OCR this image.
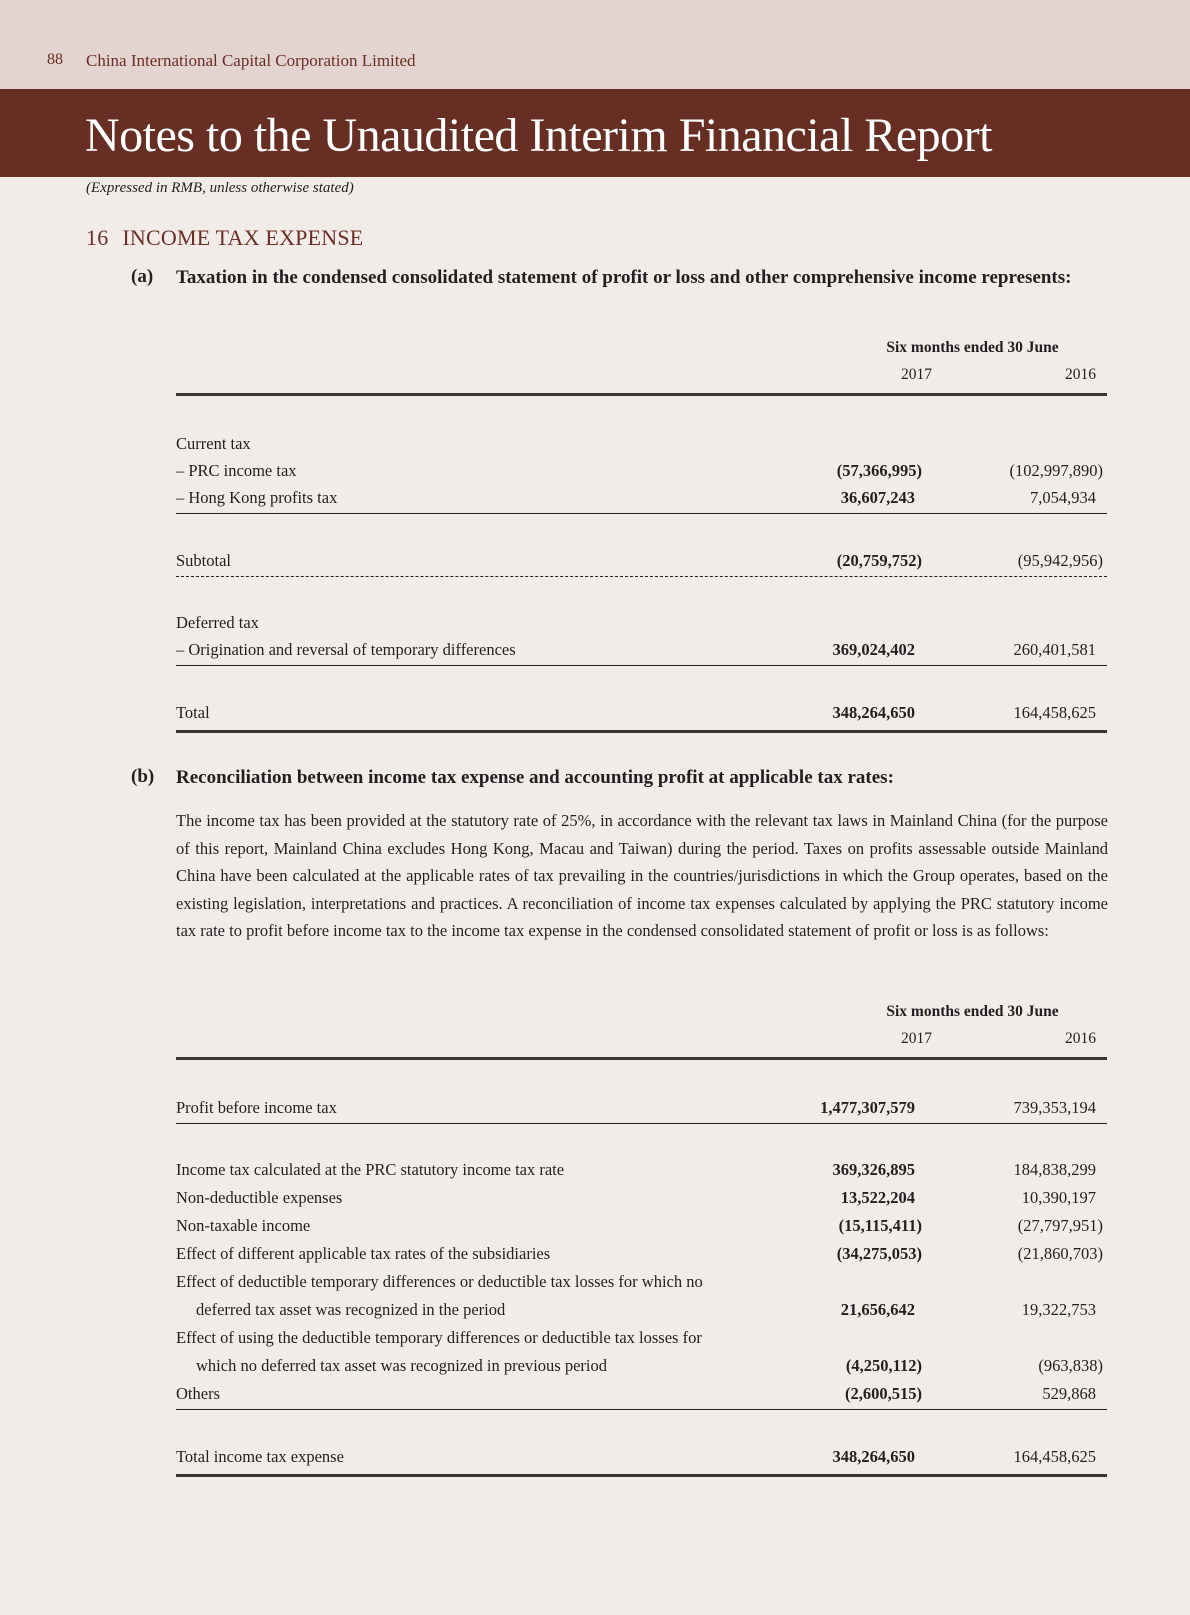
88 China International Capital Corporation Limited
Notes to the Unaudited Interim Financial Report
(Expressed in RMB, unless otherwise stated)
16 INCOME TAX EXPENSE
(a) Taxation in the condensed consolidated statement of profit or loss and other comprehensive income represents:
Six months ended 30 June
2017	2016
Current tax
– PRC income tax	(57,366,995)	(102,997,890)
– Hong Kong profits tax	36,607,243	7,054,934
Subtotal	(20,759,752)	(95,942,956)
Deferred tax
– Origination and reversal of temporary differences	369,024,402	260,401,581
Total	348,264,650	164,458,625
(b) Reconciliation between income tax expense and accounting profit at applicable tax rates:
The income tax has been provided at the statutory rate of 25%, in accordance with the relevant tax laws in Mainland China (for the purpose of this report, Mainland China excludes Hong Kong, Macau and Taiwan) during the period. Taxes on profits assessable outside Mainland China have been calculated at the applicable rates of tax prevailing in the countries/jurisdictions in which the Group operates, based on the existing legislation, interpretations and practices. A reconciliation of income tax expenses calculated by applying the PRC statutory income tax rate to profit before income tax to the income tax expense in the condensed consolidated statement of profit or loss is as follows:
Six months ended 30 June
2017	2016
Profit before income tax	1,477,307,579	739,353,194
Income tax calculated at the PRC statutory income tax rate	369,326,895	184,838,299
Non-deductible expenses	13,522,204	10,390,197
Non-taxable income	(15,115,411)	(27,797,951)
Effect of different applicable tax rates of the subsidiaries	(34,275,053)	(21,860,703)
Effect of deductible temporary differences or deductible tax losses for which no
deferred tax asset was recognized in the period	21,656,642	19,322,753
Effect of using the deductible temporary differences or deductible tax losses for
which no deferred tax asset was recognized in previous period	(4,250,112)	(963,838)
Others	(2,600,515)	529,868
Total income tax expense	348,264,650	164,458,625
